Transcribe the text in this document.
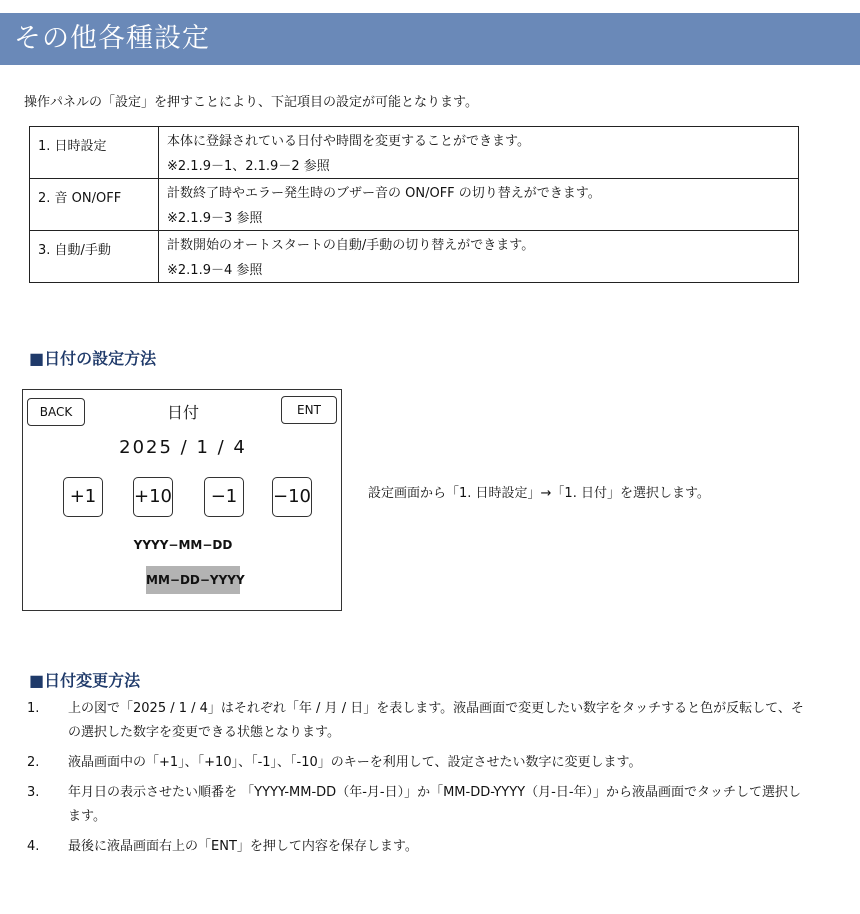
その他各種設定
操作パネルの「設定」を押すことにより、下記項目の設定が可能となります。
1. 日時設定	本体に登録されている日付や時間を変更することができます。
※2.1.9－1、2.1.9－2 参照

2. 音 ON/OFF	計数終了時やエラー発生時のブザー音の ON/OFF の切り替えができます。
※2.1.9－3 参照

3. 自動/手動	計数開始のオートスタートの自動/手動の切り替えができます。
※2.1.9－4 参照
■日付の設定方法
BACK	日付	ENT
2025 / 1 / 4
+1	+10	−1	−10
YYYY−MM−DD
MM−DD−YYYY
設定画面から「1. 日時設定」→「1. 日付」を選択します。
■日付変更方法
1. 上の図で「2025 / 1 / 4」はそれぞれ「年 / 月 / 日」を表します。液晶画面で変更したい数字をタッチすると色が反転して、その選択した数字を変更できる状態となります。
2. 液晶画面中の「+1」、「+10」、「-1」、「-10」のキーを利用して、設定させたい数字に変更します。
3. 年月日の表示させたい順番を 「YYYY-MM-DD（年-月-日）」か「MM-DD-YYYY（月-日-年）」から液晶画面でタッチして選択します。
4. 最後に液晶画面右上の「ENT」を押して内容を保存します。
